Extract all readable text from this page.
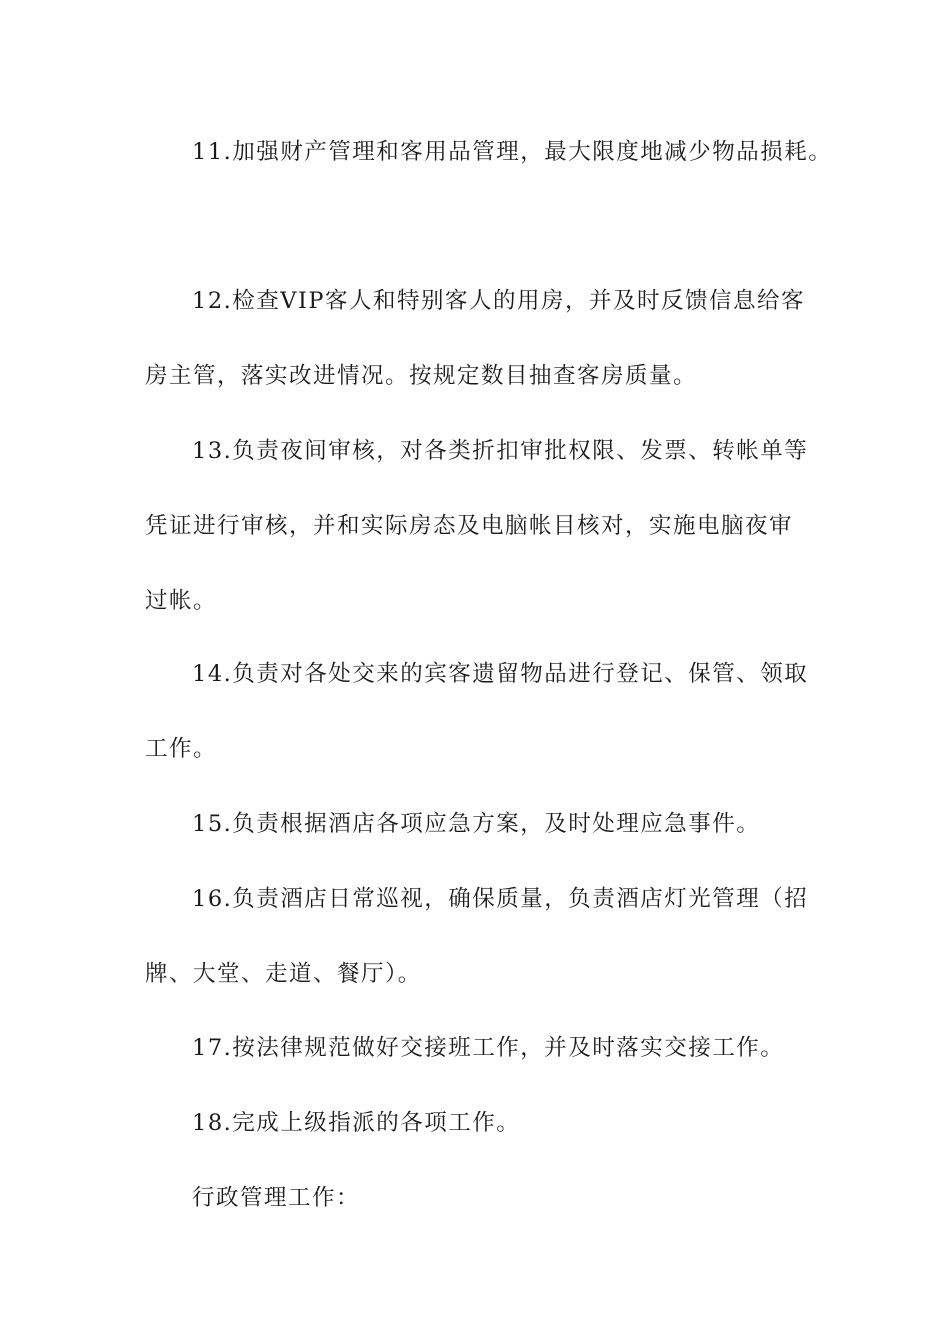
11.加强财产管理和客用品管理，最大限度地减少物品损耗。
12.检查VIP客人和特别客人的用房，并及时反馈信息给客
房主管，落实改进情况。按规定数目抽查客房质量。
13.负责夜间审核，对各类折扣审批权限、发票、转帐单等
凭证进行审核，并和实际房态及电脑帐目核对，实施电脑夜审
过帐。
14.负责对各处交来的宾客遗留物品进行登记、保管、领取
工作。
15.负责根据酒店各项应急方案，及时处理应急事件。
16.负责酒店日常巡视，确保质量，负责酒店灯光管理（招
牌、大堂、走道、餐厅）。
17.按法律规范做好交接班工作，并及时落实交接工作。
18.完成上级指派的各项工作。
行政管理工作：
